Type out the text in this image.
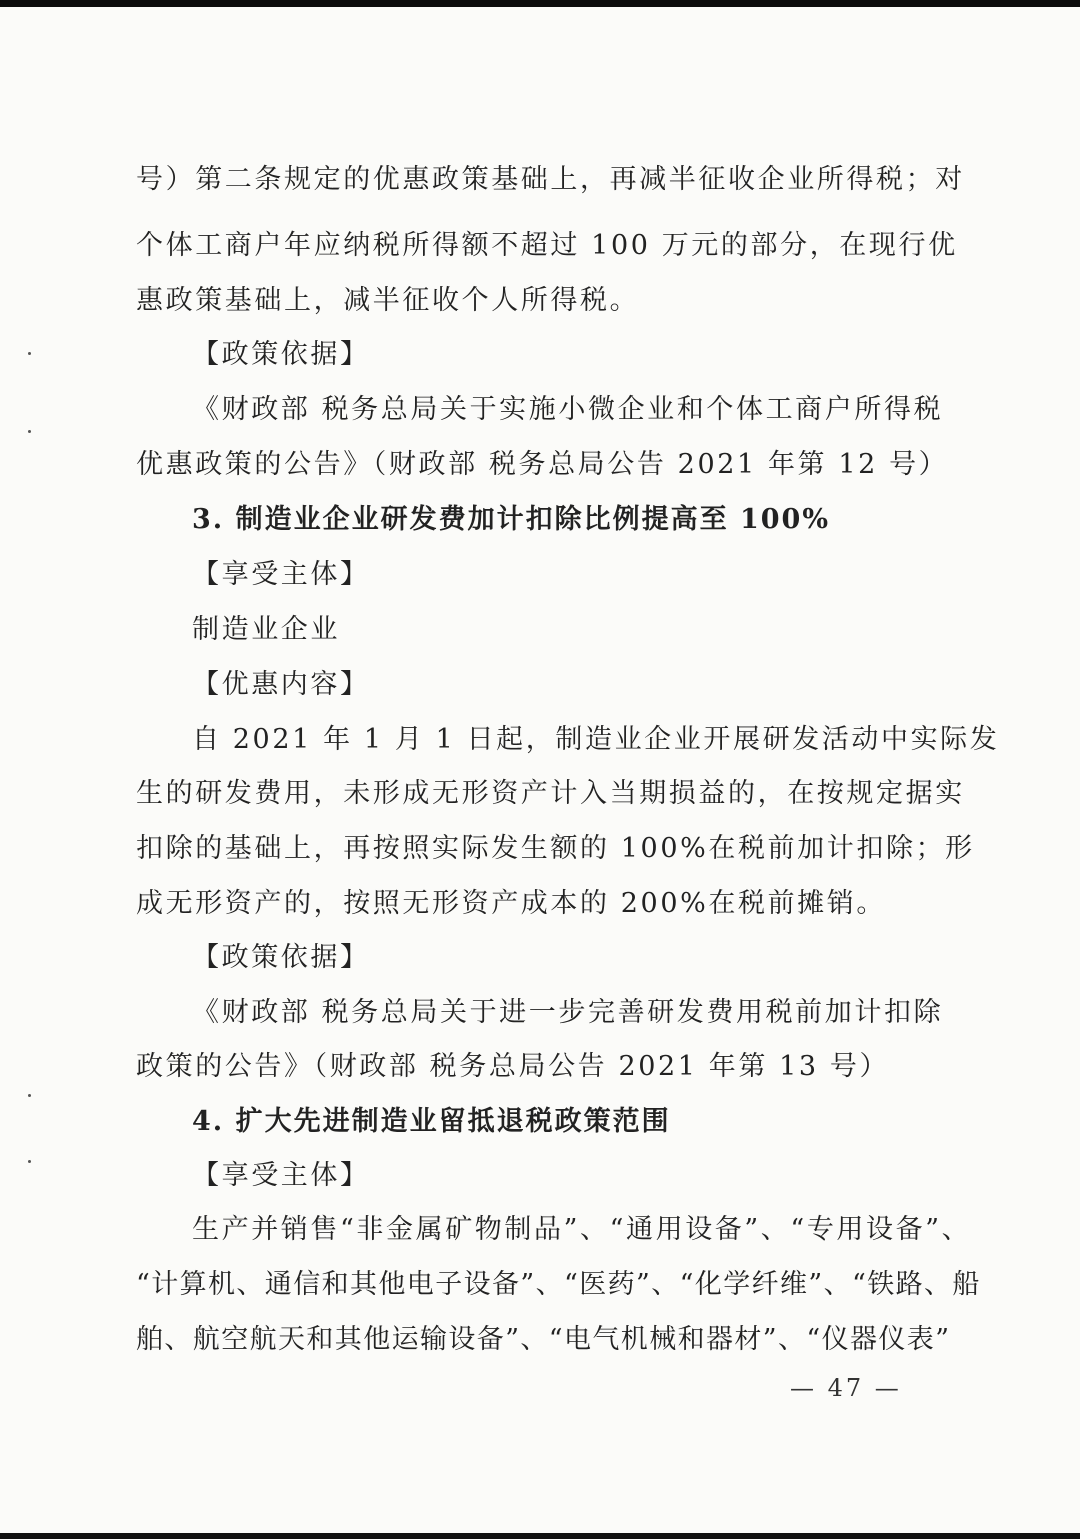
号）第二条规定的优惠政策基础上，再减半征收企业所得税；对
个体工商户年应纳税所得额不超过 100 万元的部分，在现行优
惠政策基础上，减半征收个人所得税。
【政策依据】
《财政部 税务总局关于实施小微企业和个体工商户所得税
优惠政策的公告》（财政部 税务总局公告 2021 年第 12 号）
3. 制造业企业研发费加计扣除比例提高至 100%
【享受主体】
制造业企业
【优惠内容】
自 2021 年 1 月 1 日起，制造业企业开展研发活动中实际发
生的研发费用，未形成无形资产计入当期损益的，在按规定据实
扣除的基础上，再按照实际发生额的 100%在税前加计扣除；形
成无形资产的，按照无形资产成本的 200%在税前摊销。
【政策依据】
《财政部 税务总局关于进一步完善研发费用税前加计扣除
政策的公告》（财政部 税务总局公告 2021 年第 13 号）
4. 扩大先进制造业留抵退税政策范围
【享受主体】
生产并销售“非金属矿物制品”、“通用设备”、“专用设备”、
“计算机、通信和其他电子设备”、“医药”、“化学纤维”、“铁路、船
舶、航空航天和其他运输设备”、“电气机械和器材”、“仪器仪表”
— 47 —
